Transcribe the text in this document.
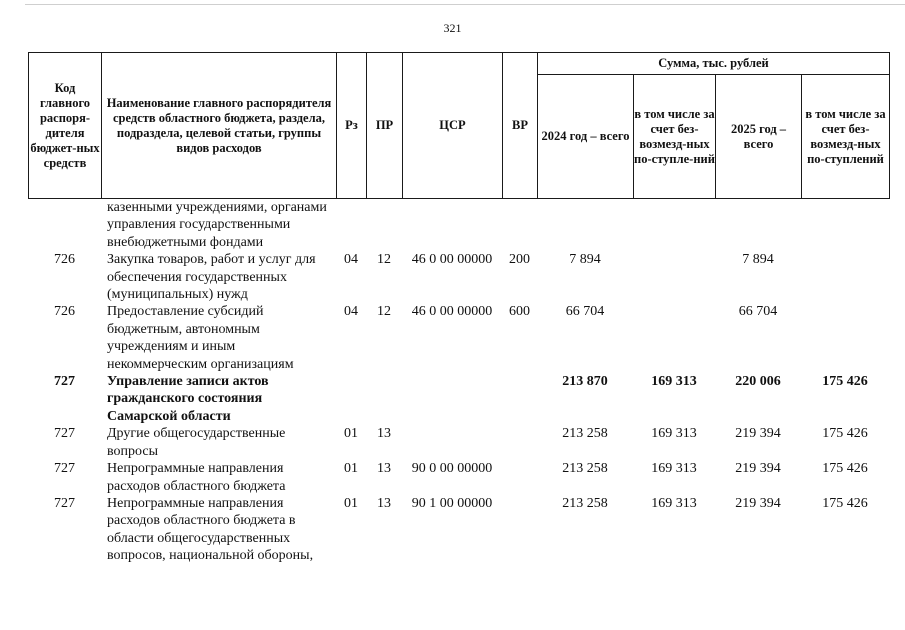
321
Код главного распоря-дителя бюджет-ных средств	Наименование главного распорядителя средств областного бюджета, раздела, подраздела, целевой статьи, группы видов расходов	Рз	ПР	ЦСР	ВР	Сумма, тыс. рублей			
						2024 год – всего	в том числе за счет без-возмезд-ных по-ступле-ний	2025 год – всего	в том числе за счет без-возмезд-ных по-ступлений
	казенными учреждениями, органами управления государственными внебюджетными фондами								
726	Закупка товаров, работ и услуг для обеспечения государственных (муниципальных) нужд	04	12	46 0 00 00000	200	7 894		7 894	
726	Предоставление субсидий бюджетным, автономным учреждениям и иным некоммерческим организациям	04	12	46 0 00 00000	600	66 704		66 704	
727	Управление записи актов гражданского состояния Самарской области					213 870	169 313	220 006	175 426
727	Другие общегосударственные вопросы	01	13			213 258	169 313	219 394	175 426
727	Непрограммные направления расходов областного бюджета	01	13	90 0 00 00000		213 258	169 313	219 394	175 426
727	Непрограммные направления расходов областного бюджета в области общегосударственных вопросов, национальной обороны,	01	13	90 1 00 00000		213 258	169 313	219 394	175 426
